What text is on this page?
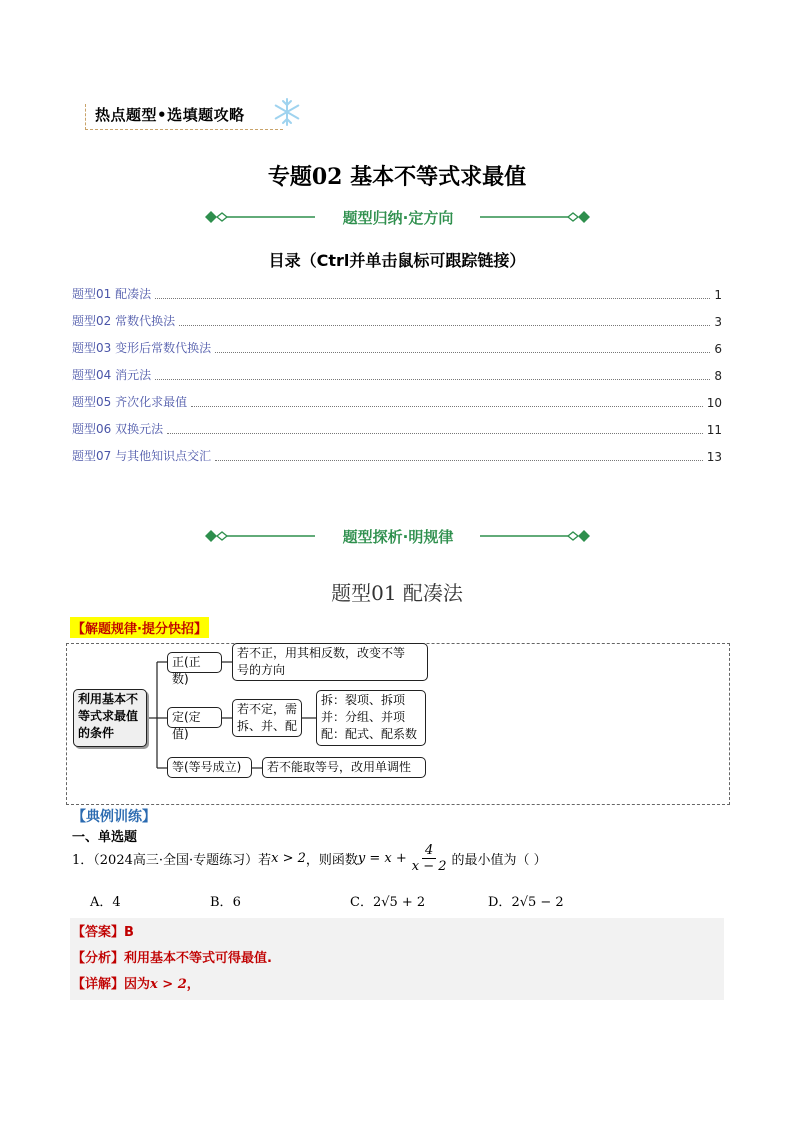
热点题型•选填题攻略
专题02 基本不等式求最值
题型归纳·定方向
目录（Ctrl并单击鼠标可跟踪链接）
题型01 配凑法	1
题型02 常数代换法	3
题型03 变形后常数代换法	6
题型04 消元法	8
题型05 齐次化求最值	10
题型06 双换元法	11
题型07 与其他知识点交汇	13
题型探析·明规律
题型01 配凑法
【解题规律·提分快招】
利用基本不
等式求最值
的条件
正(正数)
若不正，用其相反数，改变不等
号的方向
定(定值)
若不定，需
拆、并、配
拆：裂项、拆项
并：分组、并项
配：配式、配系数
等(等号成立)	若不能取等号，改用单调性
【典例训练】
一、单选题
1．（2024高三·全国·专题练习）若 x > 2 ，则函数 $y = x + \frac{4}{x - 2}$ 的最小值为（ ）
A．4	B．6	C．2√5 + 2	D．2√5 − 2
【答案】B
【分析】利用基本不等式可得最值.
【详解】因为x > 2，
